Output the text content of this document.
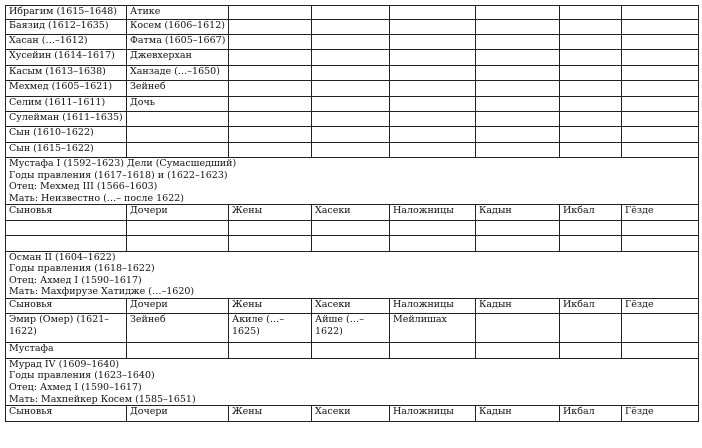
Ибрагим (1615–1648)	Атике						
Баязид (1612–1635)	Косем (1606–1612)						
Хасан (…–1612)	Фатма (1605–1667)						
Хусейин (1614–1617)	Джевхерхан						
Касым (1613–1638)	Ханзаде (…–1650)						
Мехмед (1605–1621)	Зейнеб						
Селим (1611–1611)	Дочь						
Сулейман (1611–1635)							
Сын (1610–1622)							
Сын (1615–1622)							

Мустафа I (1592–1623) Дели (Сумасшедший)
Годы правления (1617–1618) и (1622–1623)
Отец: Мехмед III (1566–1603)
Мать: Неизвестно (…– после 1622)							

Сыновья	Дочери	Жены	Хасеки	Наложницы	Кадын	Икбал	Гёзде

Осман II (1604–1622)
Годы правления (1618–1622)
Отец: Ахмед I (1590–1617)
Мать: Махфирузе Хатидже (…–1620)							

Сыновья	Дочери	Жены	Хасеки	Наложницы	Кадын	Икбал	Гёзде
Эмир (Омер) (1621–1622)	Зейнеб	Акиле (…–1625)	Айше (…–1622)	Мейлишах			
Мустафа							

Мурад IV (1609–1640)
Годы правления (1623–1640)
Отец: Ахмед I (1590–1617)
Мать: Махпейкер Косем (1585–1651)							

Сыновья	Дочери	Жены	Хасеки	Наложницы	Кадын	Икбал	Гёзде
